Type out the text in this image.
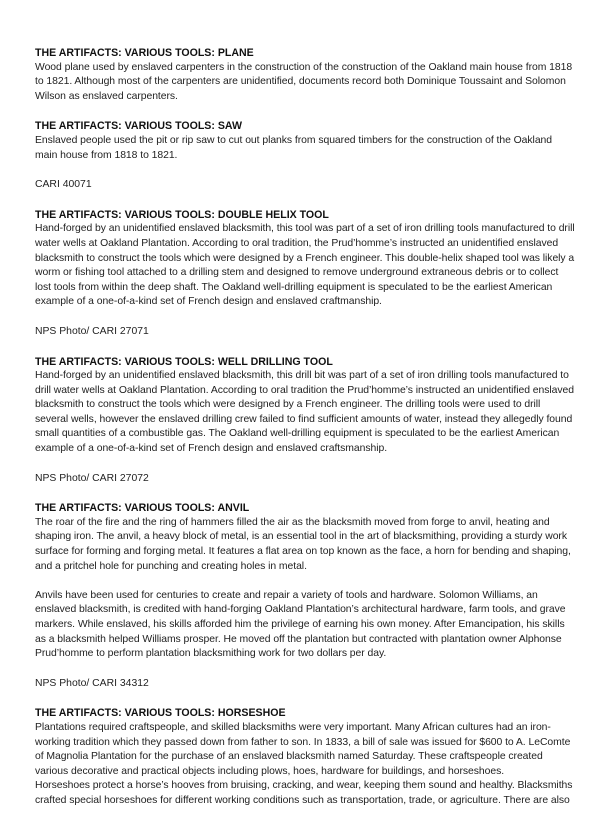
THE ARTIFACTS: VARIOUS TOOLS: PLANE

Wood plane used by enslaved carpenters in the construction of the construction of the Oakland main house from 1818 to 1821. Although most of the carpenters are unidentified, documents record both Dominique Toussaint and Solomon Wilson as enslaved carpenters.

THE ARTIFACTS: VARIOUS TOOLS: SAW

Enslaved people used the pit or rip saw to cut out planks from squared timbers for the construction of the Oakland main house from 1818 to 1821.

CARI 40071

THE ARTIFACTS: VARIOUS TOOLS: DOUBLE HELIX TOOL

Hand-forged by an unidentified enslaved blacksmith, this tool was part of a set of iron drilling tools manufactured to drill water wells at Oakland Plantation. According to oral tradition, the Prud’homme’s instructed an unidentified enslaved blacksmith to construct the tools which were designed by a French engineer. This double-helix shaped tool was likely a worm or fishing tool attached to a drilling stem and designed to remove underground extraneous debris or to collect lost tools from within the deep shaft. The Oakland well-drilling equipment is speculated to be the earliest American example of a one-of-a-kind set of French design and enslaved craftmanship.

NPS Photo/ CARI 27071

THE ARTIFACTS: VARIOUS TOOLS: WELL DRILLING TOOL

Hand-forged by an unidentified enslaved blacksmith, this drill bit was part of a set of iron drilling tools manufactured to drill water wells at Oakland Plantation. According to oral tradition the Prud’homme’s instructed an unidentified enslaved blacksmith to construct the tools which were designed by a French engineer. The drilling tools were used to drill several wells, however the enslaved drilling crew failed to find sufficient amounts of water, instead they allegedly found small quantities of a combustible gas. The Oakland well-drilling equipment is speculated to be the earliest American example of a one-of-a-kind set of French design and enslaved craftsmanship.

NPS Photo/ CARI 27072

THE ARTIFACTS: VARIOUS TOOLS: ANVIL

The roar of the fire and the ring of hammers filled the air as the blacksmith moved from forge to anvil, heating and shaping iron. The anvil, a heavy block of metal, is an essential tool in the art of blacksmithing, providing a sturdy work surface for forming and forging metal. It features a flat area on top known as the face, a horn for bending and shaping, and a pritchel hole for punching and creating holes in metal.

Anvils have been used for centuries to create and repair a variety of tools and hardware. Solomon Williams, an enslaved blacksmith, is credited with hand-forging Oakland Plantation’s architectural hardware, farm tools, and grave markers. While enslaved, his skills afforded him the privilege of earning his own money. After Emancipation, his skills as a blacksmith helped Williams prosper. He moved off the plantation but contracted with plantation owner Alphonse Prud’homme to perform plantation blacksmithing work for two dollars per day.

NPS Photo/ CARI 34312

THE ARTIFACTS: VARIOUS TOOLS: HORSESHOE

Plantations required craftspeople, and skilled blacksmiths were very important. Many African cultures had an iron-working tradition which they passed down from father to son. In 1833, a bill of sale was issued for $600 to A. LeComte of Magnolia Plantation for the purchase of an enslaved blacksmith named Saturday. These craftspeople created various decorative and practical objects including plows, hoes, hardware for buildings, and horseshoes.

Horseshoes protect a horse’s hooves from bruising, cracking, and wear, keeping them sound and healthy. Blacksmiths crafted special horseshoes for different working conditions such as transportation, trade, or agriculture. There are also
